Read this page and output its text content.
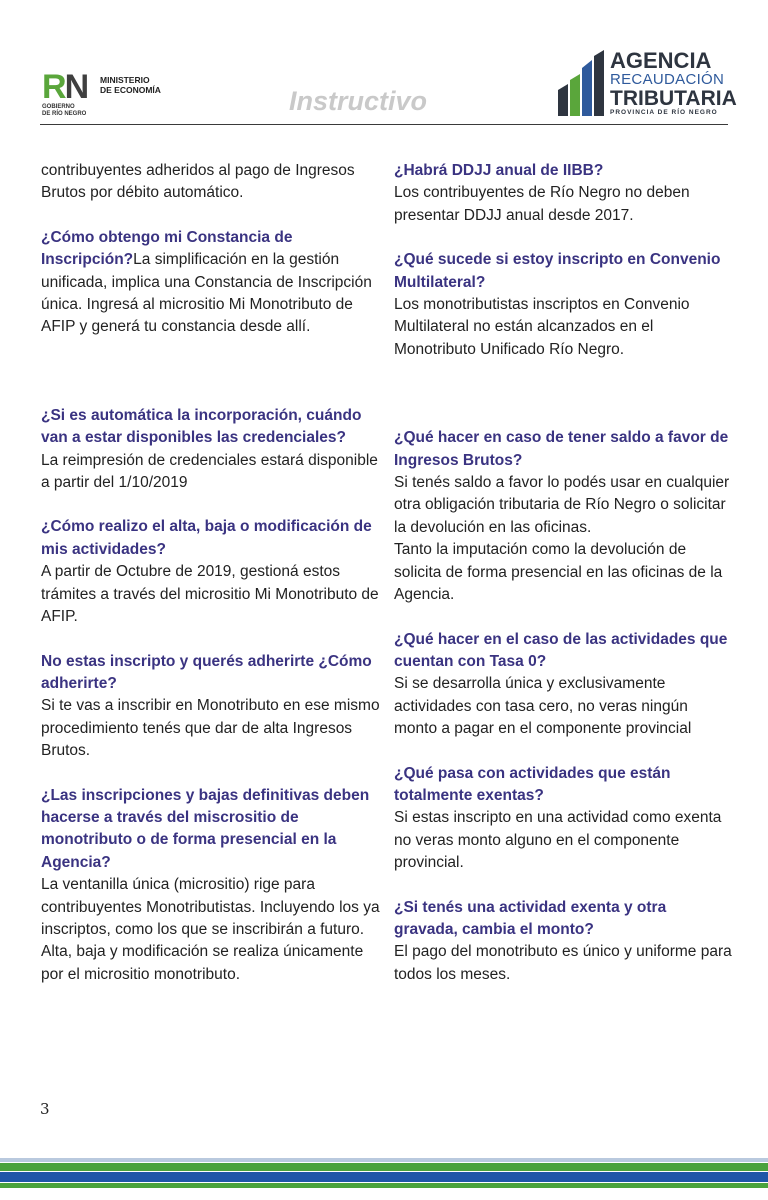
RN MINISTERIO
DE ECONOMÍA
GOBIERNO
DE RÍO NEGRO	Instructivo
AGENCIA
RECAUDACIÓN
TRIBUTARIA
PROVINCIA DE RÍO NEGRO

contribuyentes adheridos al pago de Ingresos Brutos por débito automático.

¿Cómo obtengo mi Constancia de Inscripción?La simplificación en la gestión unificada, implica una Constancia de Inscripción única. Ingresá al micrositio Mi Monotributo de AFIP y generá tu constancia desde allí.

¿Si es automática la incorporación, cuándo van a estar disponibles las credenciales?

La reimpresión de credenciales estará disponible a partir del 1/10/2019

¿Cómo realizo el alta, baja o modificación de mis actividades?

A partir de Octubre de 2019, gestioná estos trámites a través del micrositio Mi Monotributo de AFIP.

No estas inscripto y querés adherirte ¿Cómo adherirte?

Si te vas a inscribir en Monotributo en ese mismo procedimiento tenés que dar de alta Ingresos Brutos.

¿Las inscripciones y bajas definitivas deben hacerse a través del miscrositio de monotributo o de forma presencial en la Agencia?

La ventanilla única (micrositio) rige para contribuyentes Monotributistas. Incluyendo los ya inscriptos, como los que se inscribirán a futuro. Alta, baja y modificación se realiza únicamente por el micrositio monotributo.

¿Habrá DDJJ anual de IIBB?

Los contribuyentes de Río Negro no deben presentar DDJJ anual desde 2017.

¿Qué sucede si estoy inscripto en Convenio Multilateral?

Los monotributistas inscriptos en Convenio Multilateral no están alcanzados en el Monotributo Unificado Río Negro.

¿Qué hacer en caso de tener saldo a favor de Ingresos Brutos?

Si tenés saldo a favor lo podés usar en cualquier otra obligación tributaria de Río Negro o solicitar la devolución en las oficinas.

Tanto la imputación como la devolución de solicita de forma presencial en las oficinas de la Agencia.

¿Qué hacer en el caso de las actividades que cuentan con Tasa 0?

Si se desarrolla única y exclusivamente actividades con tasa cero, no veras ningún monto a pagar en el componente provincial

¿Qué pasa con actividades que están totalmente exentas?

Si estas inscripto en una actividad como exenta no veras monto alguno en el componente provincial.

¿Si tenés una actividad exenta y otra gravada, cambia el monto?

El pago del monotributo es único y uniforme para todos los meses.

3
